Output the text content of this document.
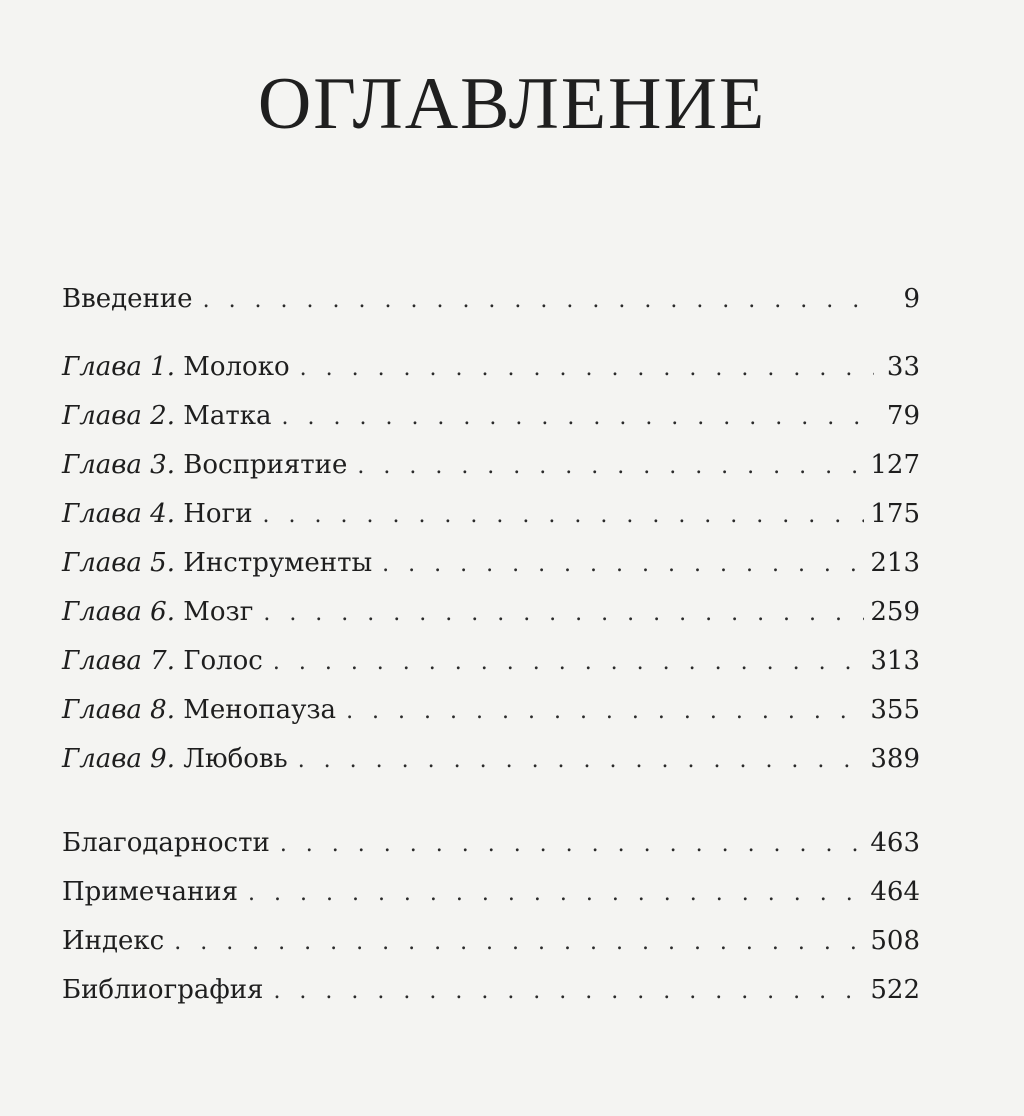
ОГЛАВЛЕНИЕ
Введение . . .	9
Глава 1. Молоко . . .	33
Глава 2. Матка . . .	79
Глава 3. Восприятие . . .	127
Глава 4. Ноги . . .	175
Глава 5. Инструменты . . .	213
Глава 6. Мозг . . .	259
Глава 7. Голос . . .	313
Глава 8. Менопауза . . .	355
Глава 9. Любовь . . .	389
Благодарности . . .	463
Примечания . . .	464
Индекс . . .	508
Библиография . . .	522
